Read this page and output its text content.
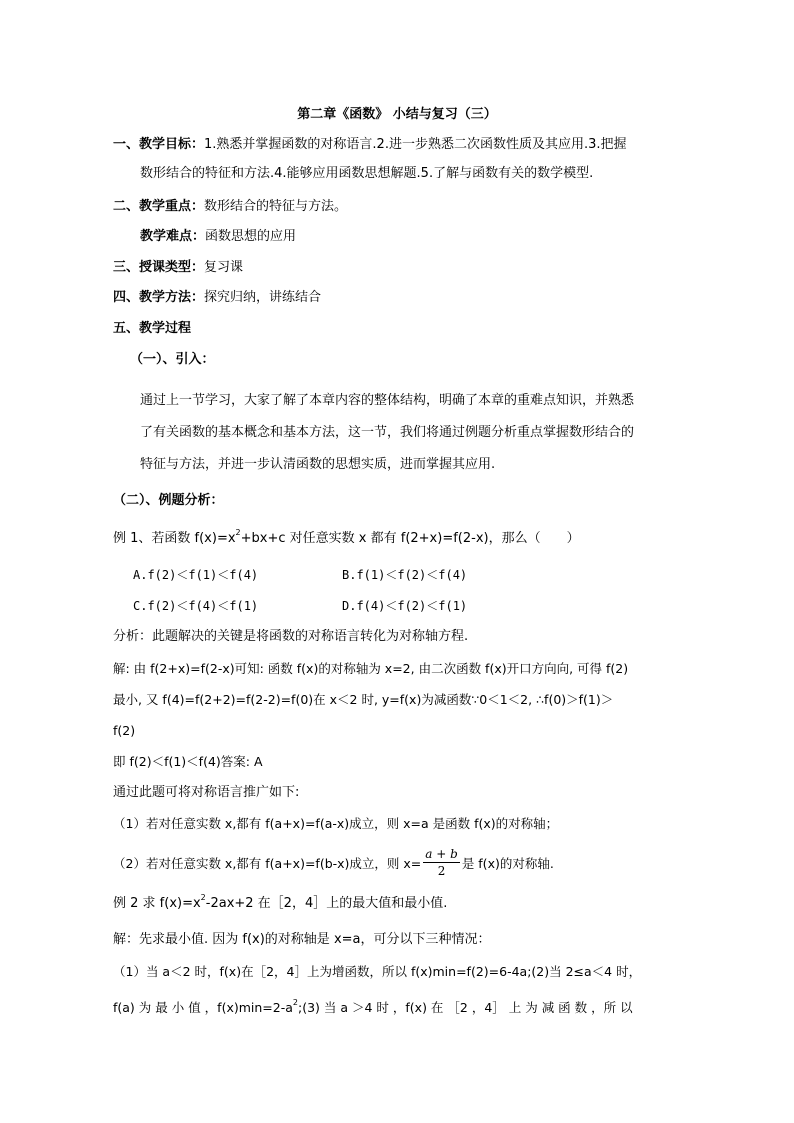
第二章《函数》 小结与复习（三）
一、教学目标：1.熟悉并掌握函数的对称语言.2.进一步熟悉二次函数性质及其应用.3.把握
数形结合的特征和方法.4.能够应用函数思想解题.5.了解与函数有关的数学模型.
二、教学重点：数形结合的特征与方法。
教学难点：函数思想的应用
三、授课类型：复习课
四、教学方法：探究归纳，讲练结合
五、教学过程
（一）、引入：
通过上一节学习，大家了解了本章内容的整体结构，明确了本章的重难点知识，并熟悉
了有关函数的基本概念和基本方法，这一节，我们将通过例题分析重点掌握数形结合的
特征与方法，并进一步认清函数的思想实质，进而掌握其应用.
（二）、例题分析：
例 1、若函数 $f(x)=x^2+bx+c$ 对任意实数 x 都有 f(2+x)=f(2-x)，那么（　　）
A.f(2)＜f(1)＜f(4)	B.f(1)＜f(2)＜f(4)
C.f(2)＜f(4)＜f(1)	D.f(4)＜f(2)＜f(1)
分析：此题解决的关键是将函数的对称语言转化为对称轴方程.
解: 由 f(2+x)=f(2-x)可知: 函数 f(x)的对称轴为 x=2, 由二次函数 f(x)开口方向向, 可得 f(2)
最小, 又 f(4)=f(2+2)=f(2-2)=f(0)在 x＜2 时, y=f(x)为减函数∵0＜1＜2, ∴f(0)＞f(1)＞
f(2)
即 f(2)＜f(1)＜f(4)答案: A
通过此题可将对称语言推广如下:
（1）若对任意实数 x,都有 f(a+x)=f(a-x)成立，则 x=a 是函数 f(x)的对称轴；
（2）若对任意实数 x,都有 f(a+x)=f(b-x)成立，则 $x= \frac{a + b}{2}$ 是 f(x)的对称轴.
例 2 求 $f(x)=x^2-2ax+2$ 在［2，4］上的最大值和最小值.
解：先求最小值. 因为 f(x)的对称轴是 x=a，可分以下三种情况：
（1）当 a＜2 时，f(x)在［2，4］上为增函数，所以 f(x)min=f(2)=6-4a;(2)当 2≤a＜4 时，
f(a) 为 最 小 值 ，$f(x)\min=2-a^2;(3)$ 当 a ＞4 时 ，f(x) 在 ［2 ，4］ 上 为 减 函 数 ，所 以
